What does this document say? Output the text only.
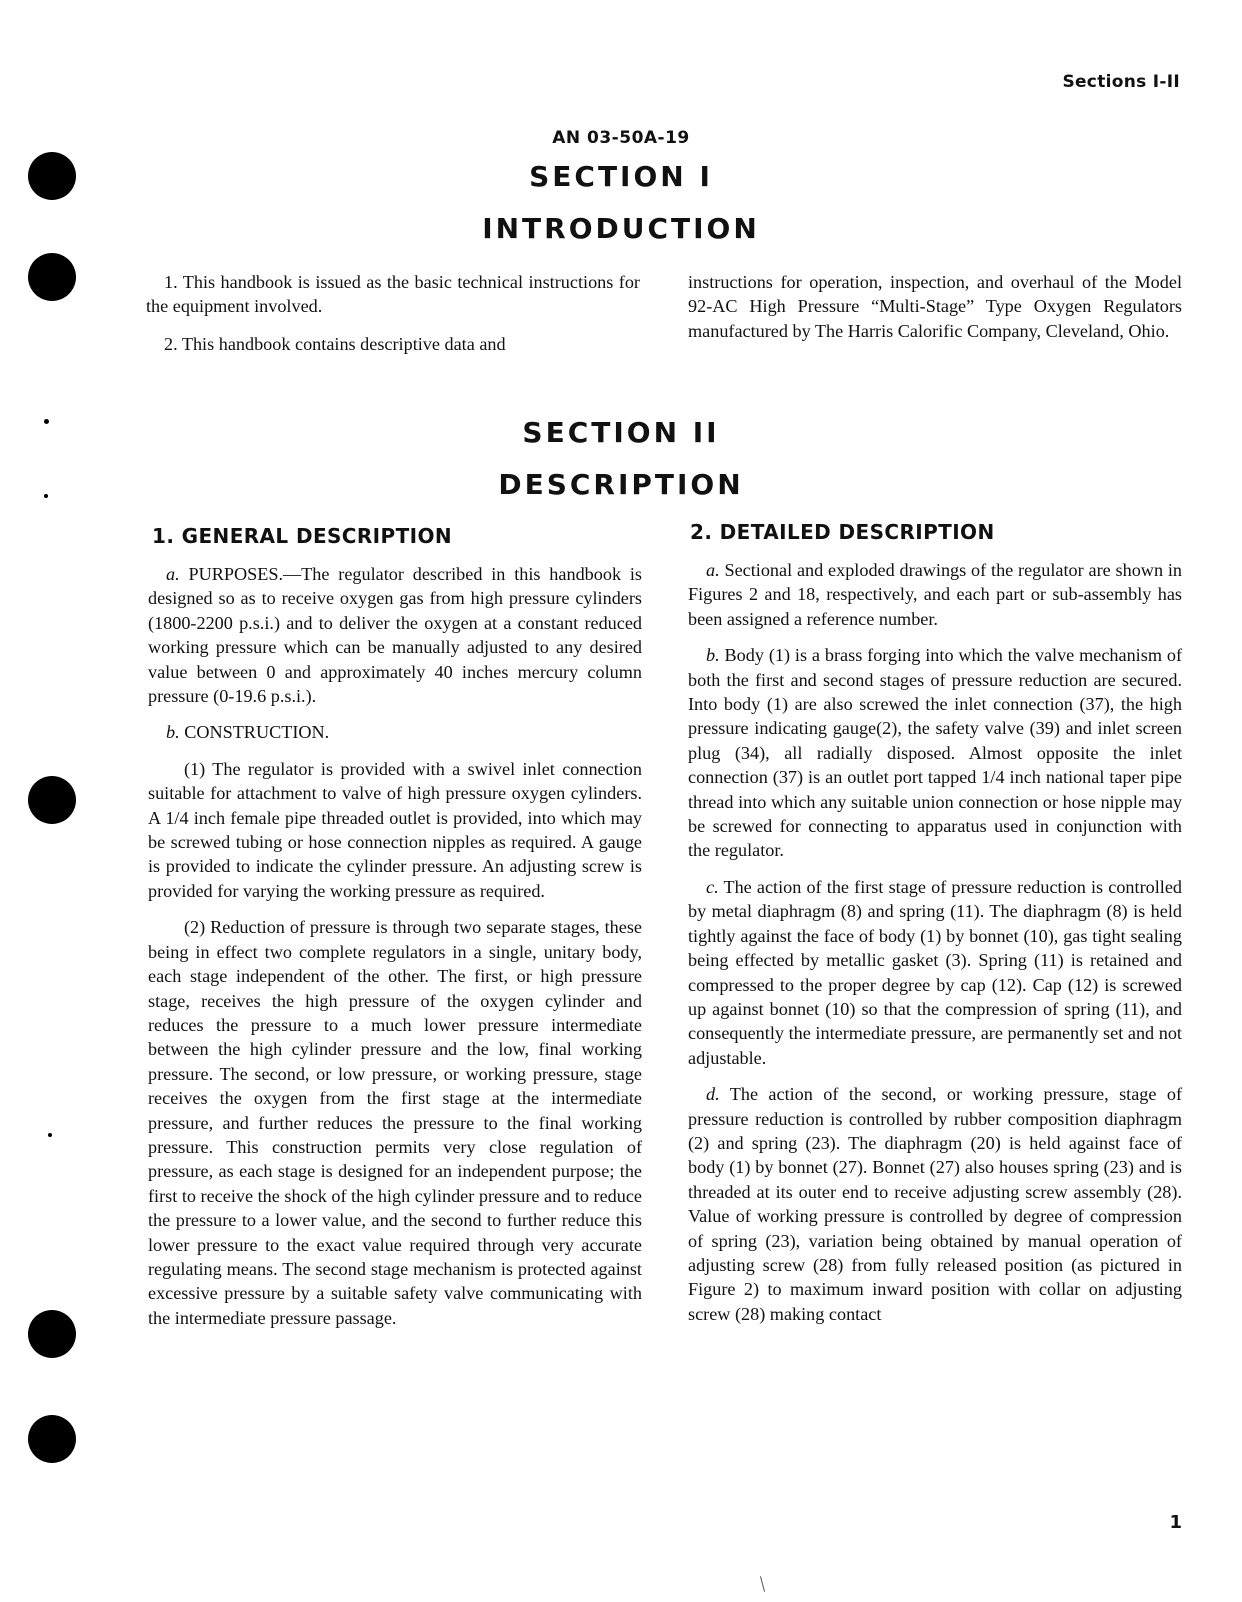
Sections I-II
AN 03-50A-19
SECTION I
INTRODUCTION

1. This handbook is issued as the basic technical instructions for the equipment involved.

2. This handbook contains descriptive data and

instructions for operation, inspection, and overhaul of the Model 92-AC High Pressure “Multi-Stage” Type Oxygen Regulators manufactured by The Harris Calorific Company, Cleveland, Ohio.

SECTION II
DESCRIPTION
1. GENERAL DESCRIPTION	2. DETAILED DESCRIPTION

a. PURPOSES.—The regulator described in this handbook is designed so as to receive oxygen gas from high pressure cylinders (1800-2200 p.s.i.) and to deliver the oxygen at a constant reduced working pressure which can be manually adjusted to any desired value between 0 and approximately 40 inches mercury column pressure (0-19.6 p.s.i.).

b. CONSTRUCTION.

(1) The regulator is provided with a swivel inlet connection suitable for attachment to valve of high pressure oxygen cylinders. A 1/4 inch female pipe threaded outlet is provided, into which may be screwed tubing or hose connection nipples as required. A gauge is provided to indicate the cylinder pressure. An adjusting screw is provided for varying the working pressure as required.

(2) Reduction of pressure is through two separate stages, these being in effect two complete regulators in a single, unitary body, each stage independent of the other. The first, or high pressure stage, receives the high pressure of the oxygen cylinder and reduces the pressure to a much lower pressure intermediate between the high cylinder pressure and the low, final working pressure. The second, or low pressure, or working pressure, stage receives the oxygen from the first stage at the intermediate pressure, and further reduces the pressure to the final working pressure. This construction permits very close regulation of pressure, as each stage is designed for an independent purpose; the first to receive the shock of the high cylinder pressure and to reduce the pressure to a lower value, and the second to further reduce this lower pressure to the exact value required through very accurate regulating means. The second stage mechanism is protected against excessive pressure by a suitable safety valve communicating with the intermediate pressure passage.

a. Sectional and exploded drawings of the regulator are shown in Figures 2 and 18, respectively, and each part or sub-assembly has been assigned a reference number.

b. Body (1) is a brass forging into which the valve mechanism of both the first and second stages of pressure reduction are secured. Into body (1) are also screwed the inlet connection (37), the high pressure indicating gauge(2), the safety valve (39) and inlet screen plug (34), all radially disposed. Almost opposite the inlet connection (37) is an outlet port tapped 1/4 inch national taper pipe thread into which any suitable union connection or hose nipple may be screwed for connecting to apparatus used in conjunction with the regulator.

c. The action of the first stage of pressure reduction is controlled by metal diaphragm (8) and spring (11). The diaphragm (8) is held tightly against the face of body (1) by bonnet (10), gas tight sealing being effected by metallic gasket (3). Spring (11) is retained and compressed to the proper degree by cap (12). Cap (12) is screwed up against bonnet (10) so that the compression of spring (11), and consequently the intermediate pressure, are permanently set and not adjustable.

d. The action of the second, or working pressure, stage of pressure reduction is controlled by rubber composition diaphragm (2) and spring (23). The diaphragm (20) is held against face of body (1) by bonnet (27). Bonnet (27) also houses spring (23) and is threaded at its outer end to receive adjusting screw assembly (28). Value of working pressure is controlled by degree of compression of spring (23), variation being obtained by manual operation of adjusting screw (28) from fully released position (as pictured in Figure 2) to maximum inward position with collar on adjusting screw (28) making contact

1
